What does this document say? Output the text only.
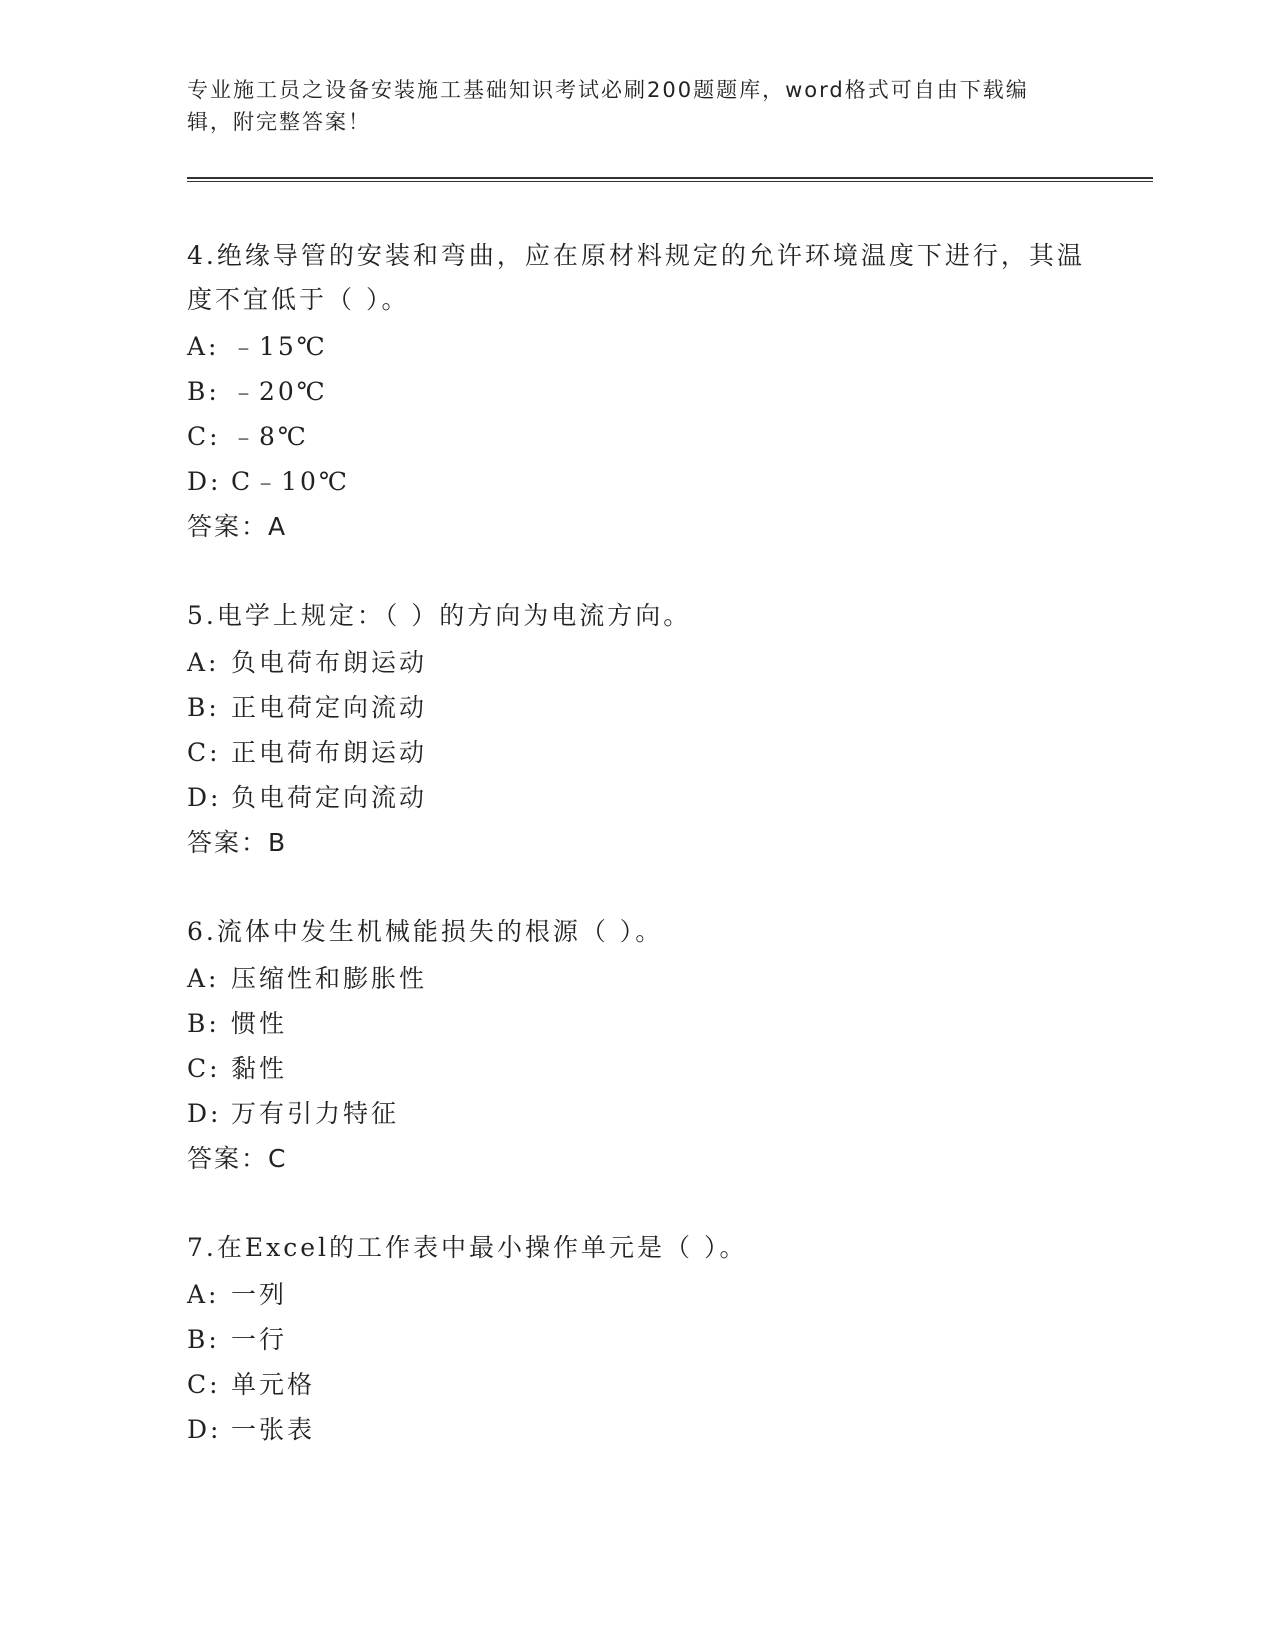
专业施工员之设备安装施工基础知识考试必刷200题题库，word格式可自由下载编辑，附完整答案！

4.绝缘导管的安装和弯曲，应在原材料规定的允许环境温度下进行，其温度不宜低于（ ）。

A: ﹣15℃
B: ﹣20℃
C: ﹣8℃
D: C﹣10℃
答案：A

5.电学上规定：（ ）的方向为电流方向。

A: 负电荷布朗运动
B: 正电荷定向流动
C: 正电荷布朗运动
D: 负电荷定向流动
答案：B

6.流体中发生机械能损失的根源（ ）。

A: 压缩性和膨胀性
B: 惯性
C: 黏性
D: 万有引力特征
答案：C

7.在Excel的工作表中最小操作单元是（ ）。

A: 一列
B: 一行
C: 单元格
D: 一张表
